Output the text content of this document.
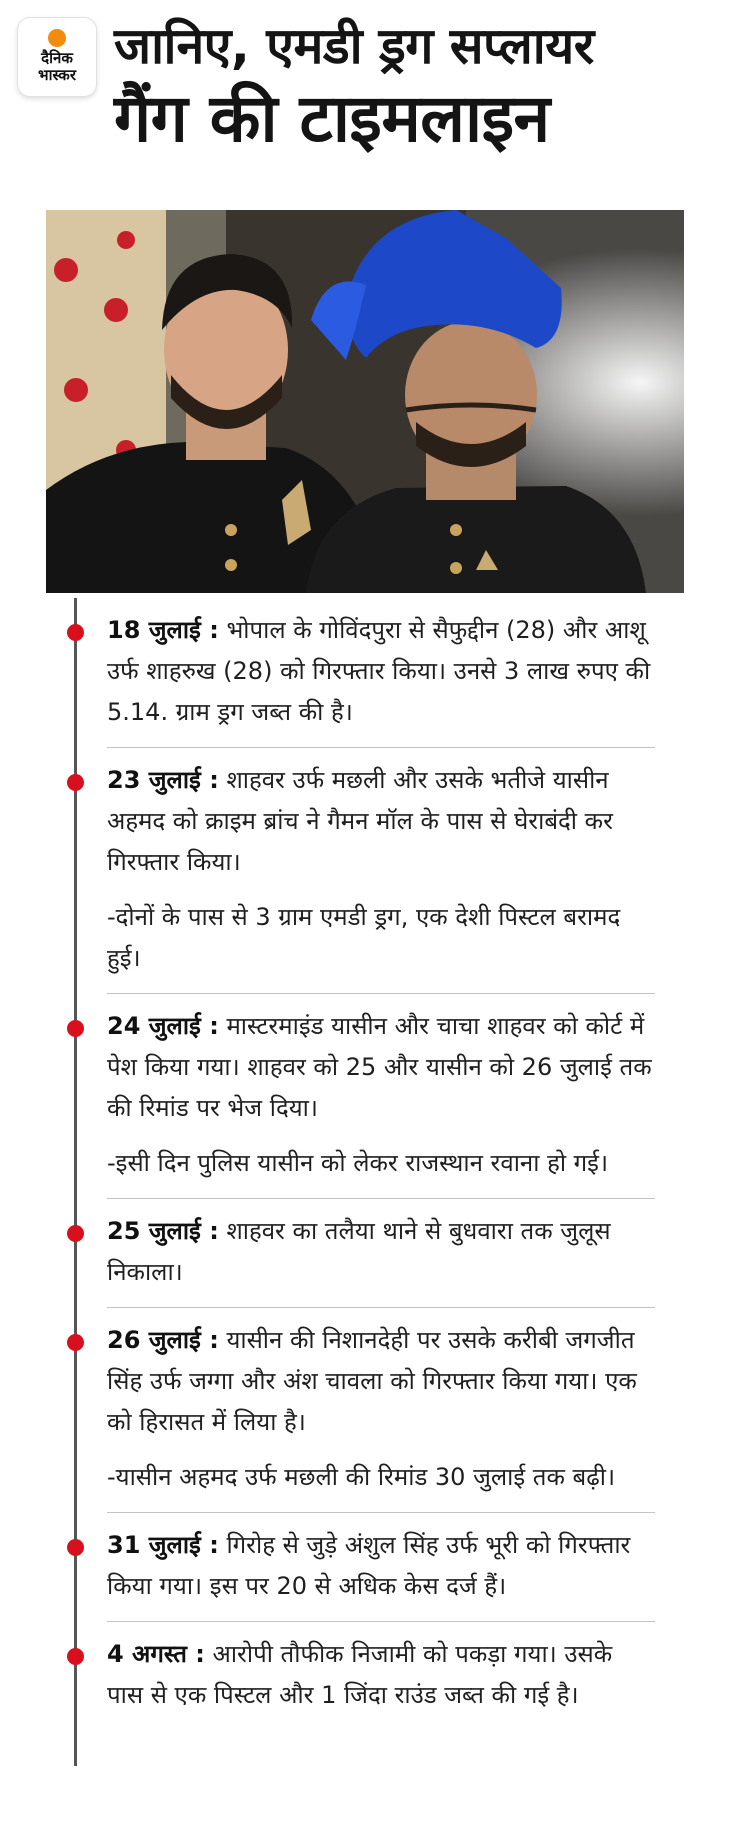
दैनिक
भास्कर जानिए, एमडी ड्रग सप्लायर
गैंग की टाइमलाइन

18 जुलाई : भोपाल के गोविंदपुरा से सैफुद्दीन (28) और आशू उर्फ शाहरुख (28) को गिरफ्तार किया। उनसे 3 लाख रुपए की 5.14. ग्राम ड्रग जब्त की है।

23 जुलाई : शाहवर उर्फ मछली और उसके भतीजे यासीन अहमद को क्राइम ब्रांच ने गैमन मॉल के पास से घेराबंदी कर गिरफ्तार किया।

-दोनों के पास से 3 ग्राम एमडी ड्रग, एक देशी पिस्टल बरामद हुई।

24 जुलाई : मास्टरमाइंड यासीन और चाचा शाहवर को कोर्ट में पेश किया गया। शाहवर को 25 और यासीन को 26 जुलाई तक की रिमांड पर भेज दिया।

-इसी दिन पुलिस यासीन को लेकर राजस्थान रवाना हो गई।

25 जुलाई : शाहवर का तलैया थाने से बुधवारा तक जुलूस निकाला।

26 जुलाई : यासीन की निशानदेही पर उसके करीबी जगजीत सिंह उर्फ जग्गा और अंश चावला को गिरफ्तार किया गया। एक को हिरासत में लिया है।

-यासीन अहमद उर्फ मछली की रिमांड 30 जुलाई तक बढ़ी।

31 जुलाई : गिरोह से जुड़े अंशुल सिंह उर्फ भूरी को गिरफ्तार किया गया। इस पर 20 से अधिक केस दर्ज हैं।

4 अगस्त : आरोपी तौफीक निजामी को पकड़ा गया। उसके पास से एक पिस्टल और 1 जिंदा राउंड जब्त की गई है।
